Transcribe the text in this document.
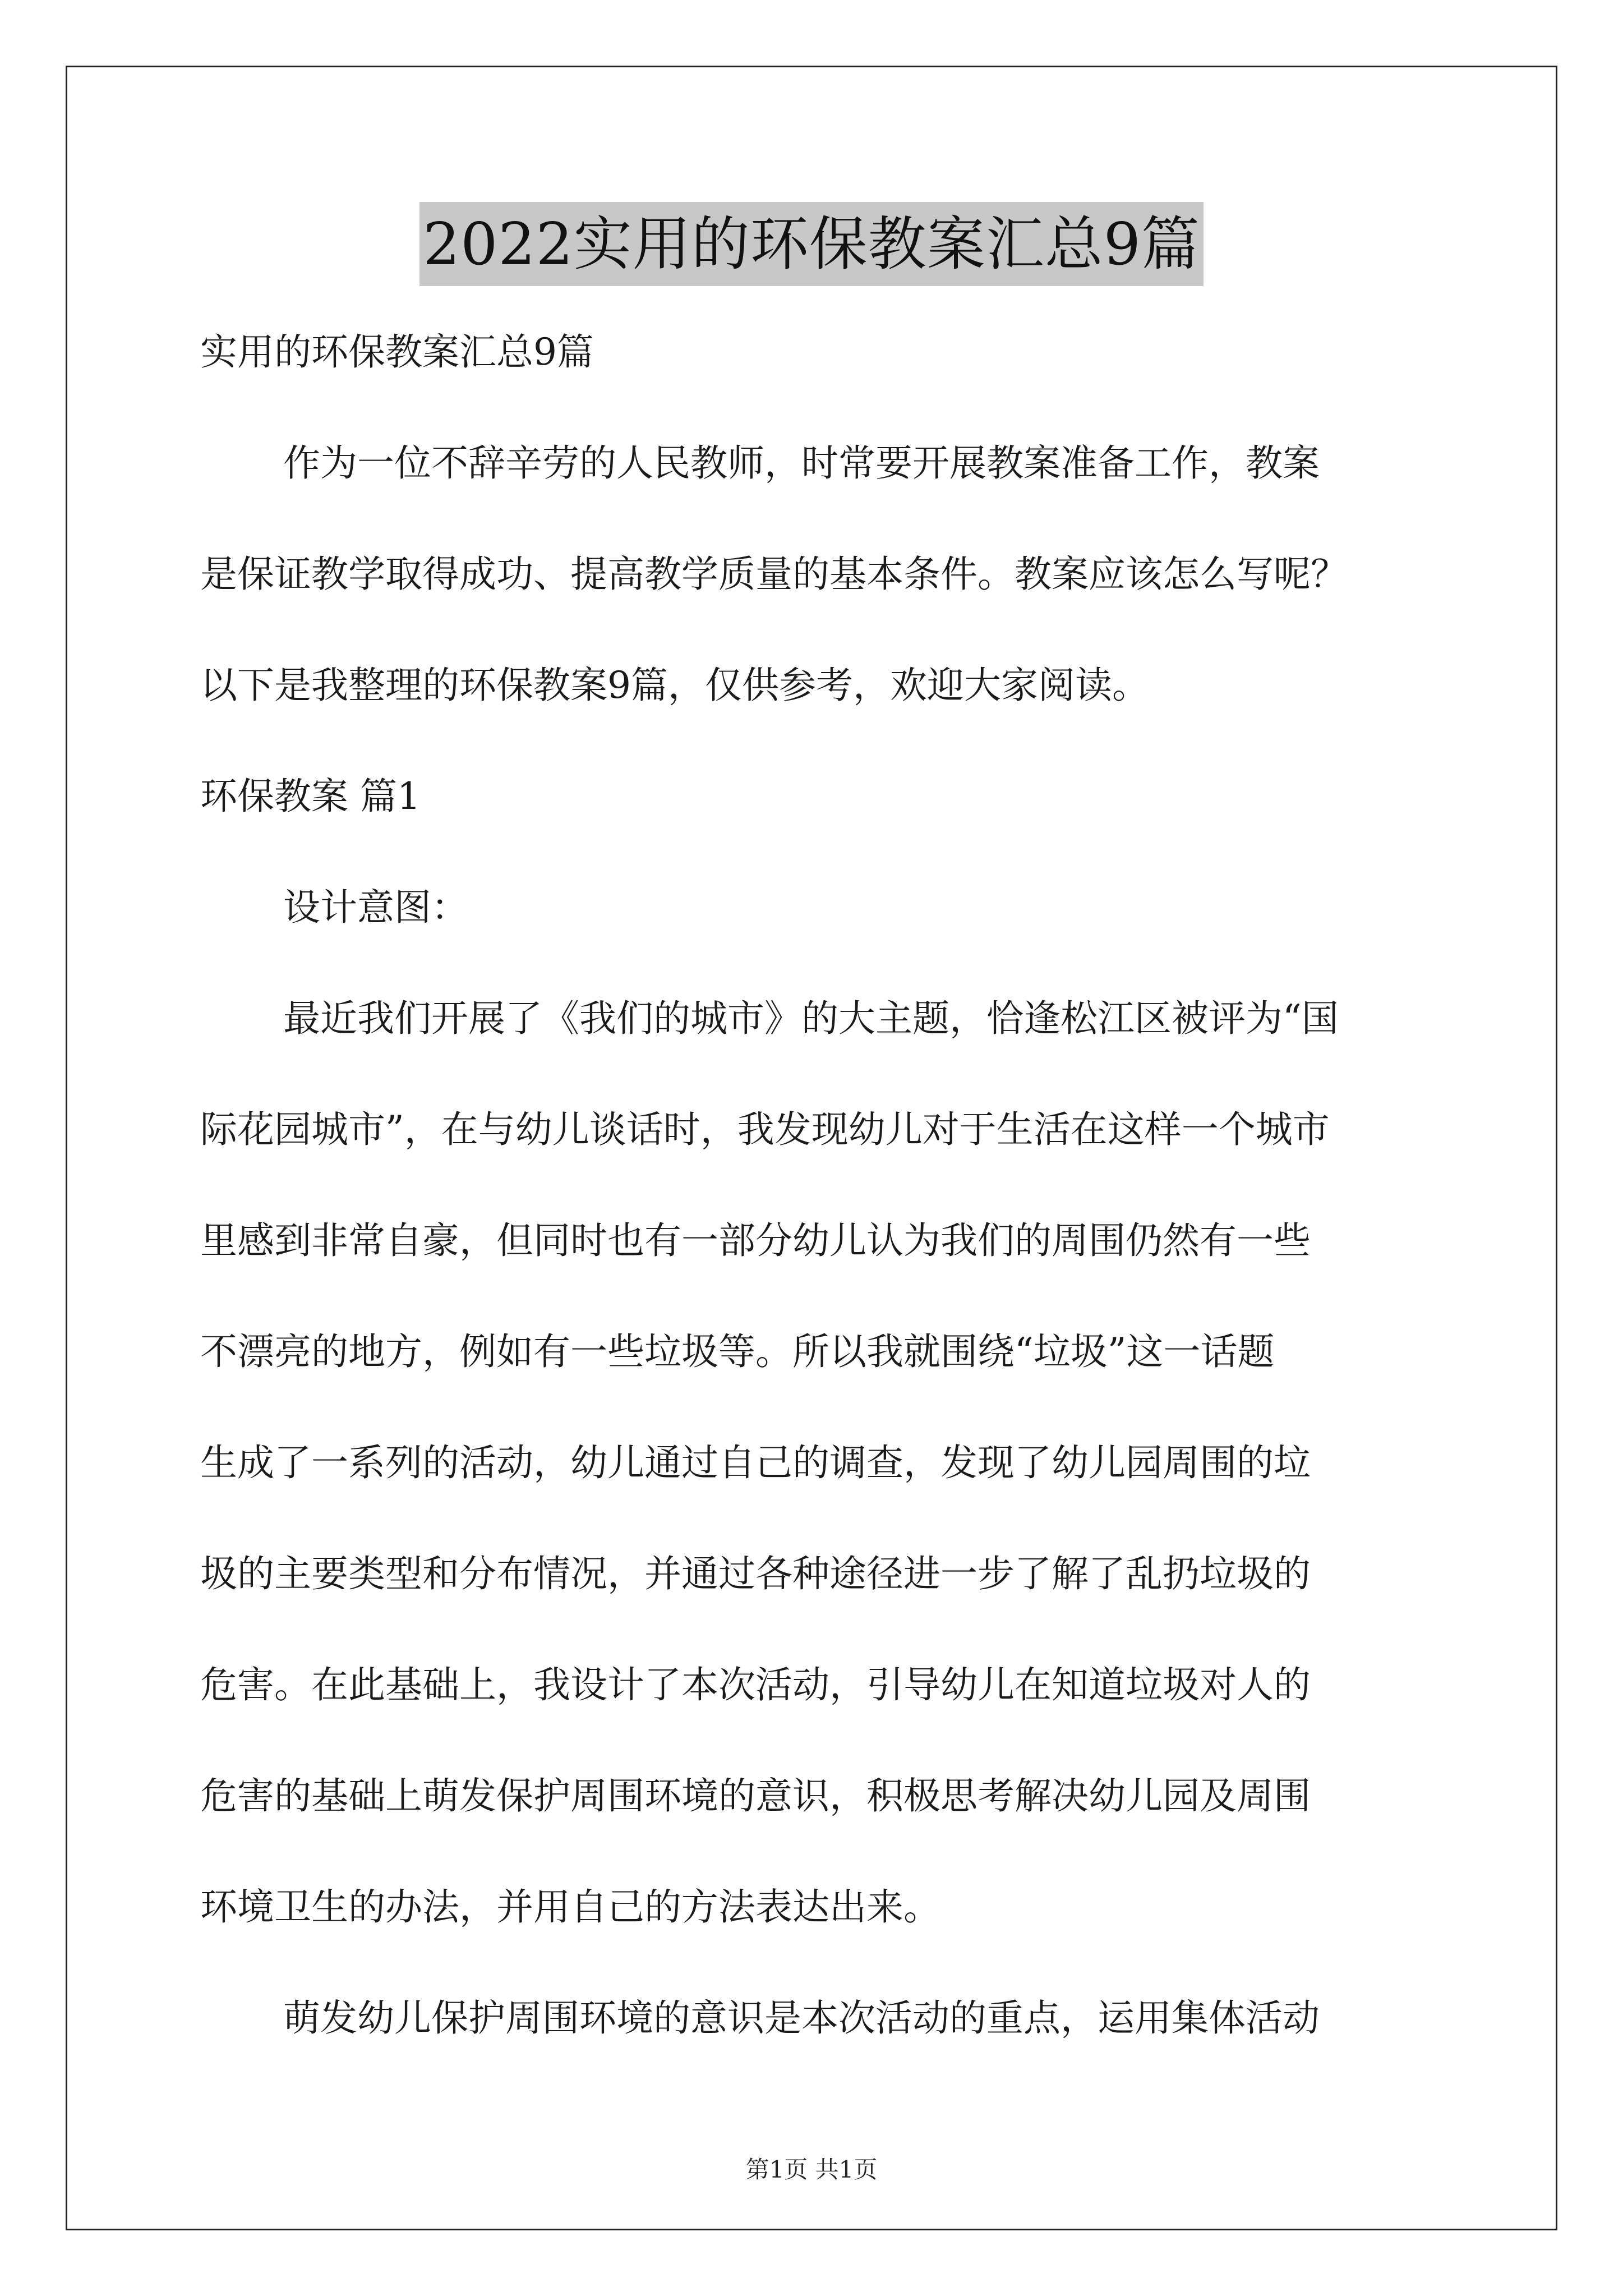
2022实用的环保教案汇总9篇

实用的环保教案汇总9篇

作为一位不辞辛劳的人民教师，时常要开展教案准备工作，教案

是保证教学取得成功、提高教学质量的基本条件。教案应该怎么写呢？

以下是我整理的环保教案9篇，仅供参考，欢迎大家阅读。

环保教案 篇1

设计意图：

最近我们开展了《我们的城市》的大主题，恰逢松江区被评为“国

际花园城市”，在与幼儿谈话时，我发现幼儿对于生活在这样一个城市

里感到非常自豪，但同时也有一部分幼儿认为我们的周围仍然有一些

不漂亮的地方，例如有一些垃圾等。所以我就围绕“垃圾”这一话题

生成了一系列的活动，幼儿通过自己的调查，发现了幼儿园周围的垃

圾的主要类型和分布情况，并通过各种途径进一步了解了乱扔垃圾的

危害。在此基础上，我设计了本次活动，引导幼儿在知道垃圾对人的

危害的基础上萌发保护周围环境的意识，积极思考解决幼儿园及周围

环境卫生的办法，并用自己的方法表达出来。

萌发幼儿保护周围环境的意识是本次活动的重点，运用集体活动

第1页 共1页
